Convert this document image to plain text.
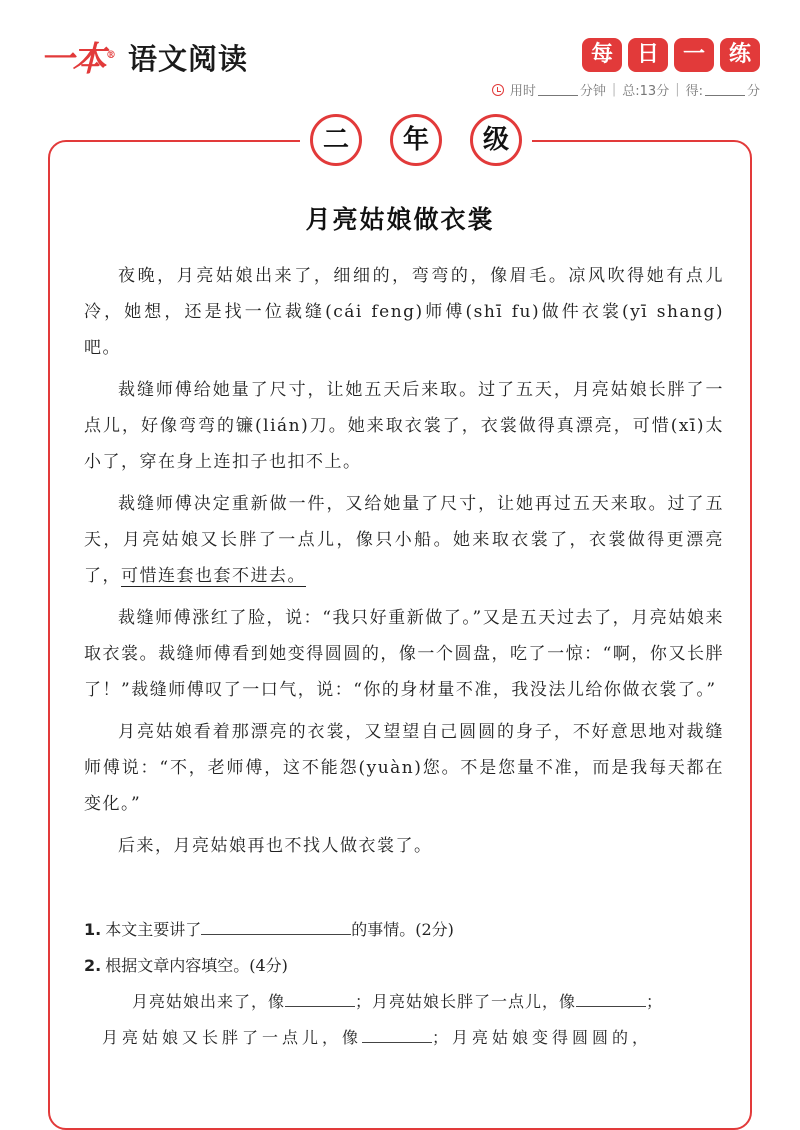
一本 ® 语文阅读	每	日	一	练
用时	分钟 | 总:13分 | 得:	分
二	年	级
月亮姑娘做衣裳

夜晚，月亮姑娘出来了，细细的，弯弯的，像眉毛。凉风吹得她有点儿冷，她想，还是找一位裁缝(cái feng)师傅(shī fu)做件衣裳(yī shang)吧。

裁缝师傅给她量了尺寸，让她五天后来取。过了五天，月亮姑娘长胖了一点儿，好像弯弯的镰(lián)刀。她来取衣裳了，衣裳做得真漂亮，可惜(xī)太小了，穿在身上连扣子也扣不上。

裁缝师傅决定重新做一件，又给她量了尺寸，让她再过五天来取。过了五天，月亮姑娘又长胖了一点儿，像只小船。她来取衣裳了，衣裳做得更漂亮了，可惜连套也套不进去。

裁缝师傅涨红了脸，说：“我只好重新做了。”又是五天过去了，月亮姑娘来取衣裳。裁缝师傅看到她变得圆圆的，像一个圆盘，吃了一惊：“啊，你又长胖了！”裁缝师傅叹了一口气，说：“你的身材量不准，我没法儿给你做衣裳了。”

月亮姑娘看着那漂亮的衣裳，又望望自己圆圆的身子，不好意思地对裁缝师傅说：“不，老师傅，这不能怨(yuàn)您。不是您量不准，而是我每天都在变化。”

后来，月亮姑娘再也不找人做衣裳了。

1. 本文主要讲了	的事情。(2分)

2. 根据文章内容填空。(4分)

月亮姑娘出来了，像	；月亮姑娘长胖了一点儿，像	；

月亮姑娘又长胖了一点儿，像	；月亮姑娘变得圆圆的，
